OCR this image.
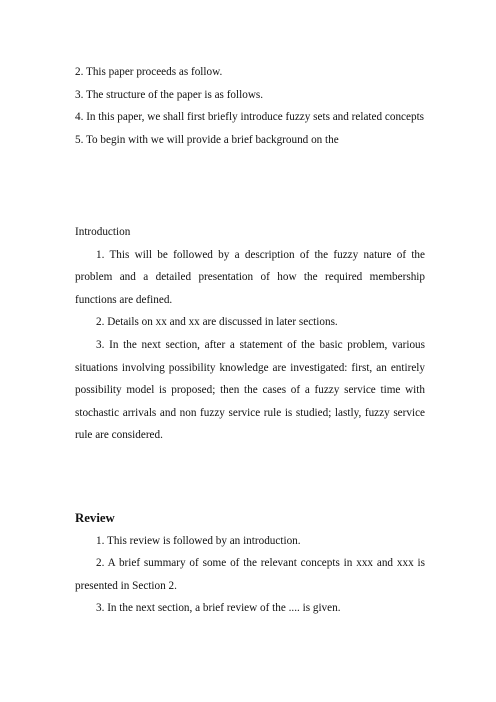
2. This paper proceeds as follow.

3. The structure of the paper is as follows.

4. In this paper, we shall first briefly introduce fuzzy sets and related concepts

5. To begin with we will provide a brief background on the

Introduction

1. This will be followed by a description of the fuzzy nature of the problem and a detailed presentation of how the required membership functions are defined.

2. Details on xx and xx are discussed in later sections.

3. In the next section, after a statement of the basic problem, various situations involving possibility knowledge are investigated: first, an entirely possibility model is proposed; then the cases of a fuzzy service time with stochastic arrivals and non fuzzy service rule is studied; lastly, fuzzy service rule are considered.

Review

1. This review is followed by an introduction.

2. A brief summary of some of the relevant concepts in xxx and xxx is presented in Section 2.

3. In the next section, a brief review of the .... is given.
